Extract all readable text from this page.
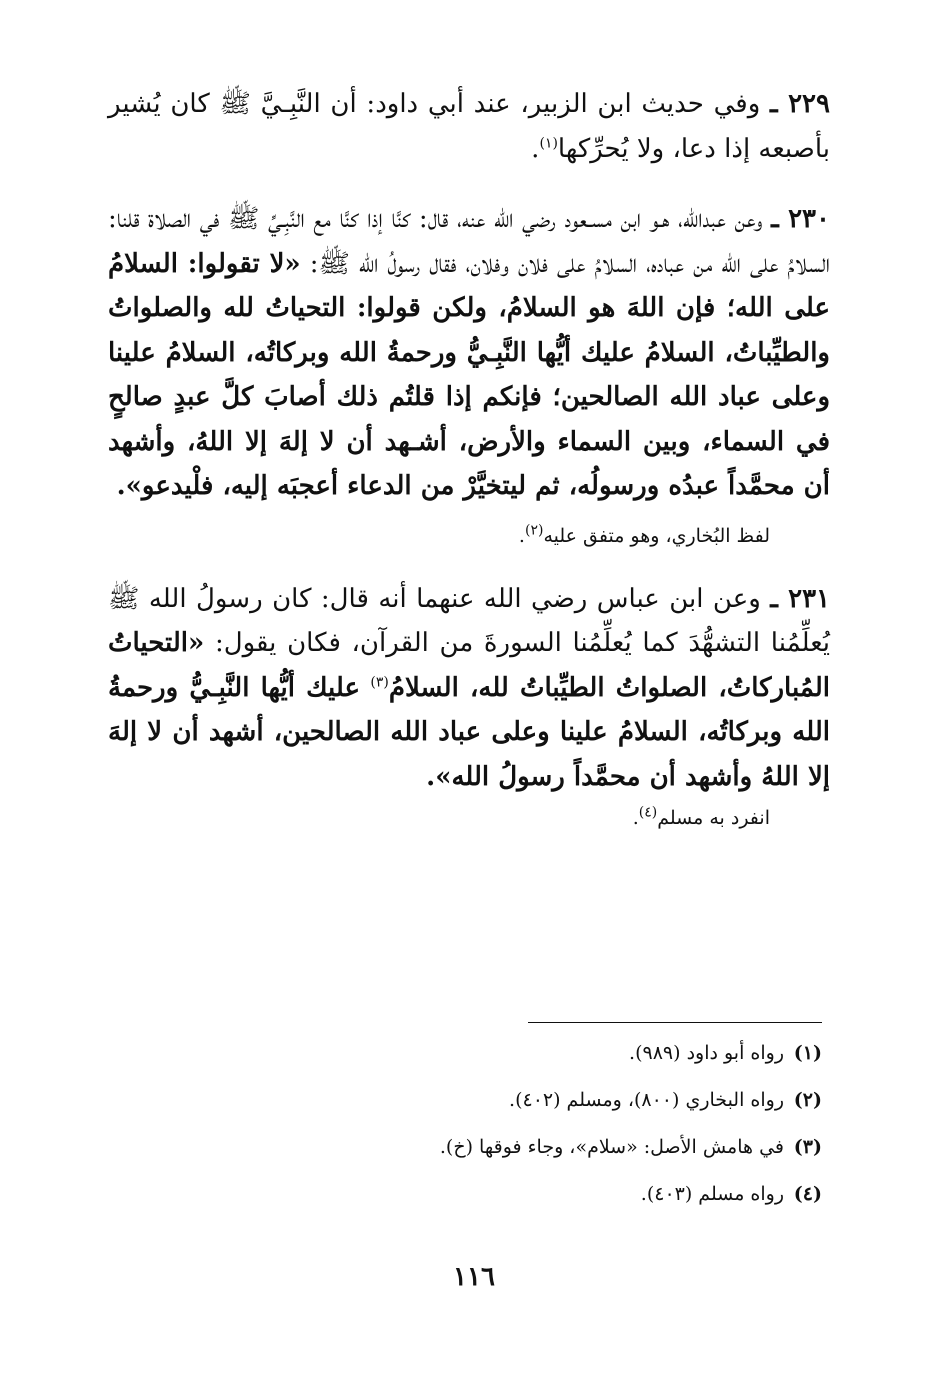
٢٢٩ ـ وفي حديث ابن الزبير، عند أبي داود: أن النَّبِـيَّ ﷺ كان يُشير بأصبعه إذا دعا، ولا يُحرِّكها$^{(١)}$.

٢٣٠ ـ وعن عبدالله، هـو ابن مسـعود رضي الله عنه، قال: كنَّا إذا كنَّا مع النَّبِـيِّ ﷺ في الصلاة قلنا: السلامُ على الله من عباده، السلامُ على فلان وفلان، فقال رسولُ الله ﷺ: «لا تقولوا: السلامُ على الله؛ فإن اللهَ هو السلامُ، ولكن قولوا: التحياتُ لله والصلواتُ والطيِّباتُ، السلامُ عليك أيُّها النَّبِـيُّ ورحمةُ الله وبركاتُه، السلامُ علينا وعلى عباد الله الصالحين؛ فإنكم إذا قلتُم ذلك أصابَ كلَّ عبدٍ صالحٍ في السماء، وبين السماء والأرض، أشـهد أن لا إلهَ إلا اللهُ، وأشهد أن محمَّداً عبدُه ورسولُه، ثم ليتخيَّرْ من الدعاء أعجبَه إليه، فلْيدعو».

لفظ البُخاري، وهو متفق عليه$^{(٢)}$.

٢٣١ ـ وعن ابن عباس رضي الله عنهما أنه قال: كان رسولُ الله ﷺ يُعلِّمُنا التشهُّدَ كما يُعلِّمُنا السورةَ من القرآن، فكان يقول: «التحياتُ المُباركاتُ، الصلواتُ الطيِّباتُ لله، السلامُ$^{(٣)}$ عليك أيُّها النَّبِـيُّ ورحمةُ الله وبركاتُه، السلامُ علينا وعلى عباد الله الصالحين، أشهد أن لا إلهَ إلا اللهُ وأشهد أن محمَّداً رسولُ الله».

انفرد به مسلم$^{(٤)}$.

(١)
رواه أبو داود (٩٨٩).
(٢)
رواه البخاري (٨٠٠)، ومسلم (٤٠٢).
(٣)
في هامش الأصل: «سلام»، وجاء فوقها (خ).
(٤)
رواه مسلم (٤٠٣).
١١٦
